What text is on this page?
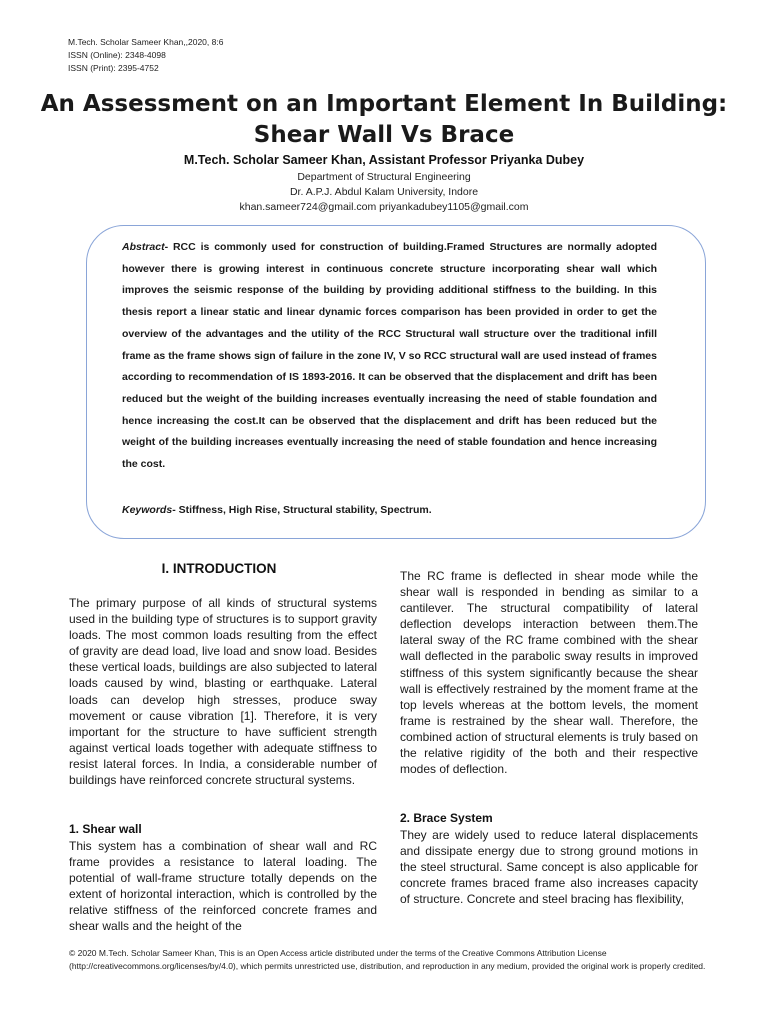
M.Tech. Scholar Sameer Khan,,2020, 8:6
ISSN (Online): 2348-4098
ISSN (Print): 2395-4752
An Assessment on an Important Element In Building: Shear Wall Vs Brace
M.Tech. Scholar Sameer Khan, Assistant Professor Priyanka Dubey
Department of Structural Engineering
Dr. A.P.J. Abdul Kalam University, Indore
khan.sameer724@gmail.com priyankadubey1105@gmail.com
Abstract- RCC is commonly used for construction of building.Framed Structures are normally adopted however there is growing interest in continuous concrete structure incorporating shear wall which improves the seismic response of the building by providing additional stiffness to the building. In this thesis report a linear static and linear dynamic forces comparison has been provided in order to get the overview of the advantages and the utility of the RCC Structural wall structure over the traditional infill frame as the frame shows sign of failure in the zone IV, V so RCC structural wall are used instead of frames according to recommendation of IS 1893-2016. It can be observed that the displacement and drift has been reduced but the weight of the building increases eventually increasing the need of stable foundation and hence increasing the cost.It can be observed that the displacement and drift has been reduced but the weight of the building increases eventually increasing the need of stable foundation and hence increasing the cost.
Keywords- Stiffness, High Rise, Structural stability, Spectrum.
I. INTRODUCTION
The primary purpose of all kinds of structural systems used in the building type of structures is to support gravity loads. The most common loads resulting from the effect of gravity are dead load, live load and snow load. Besides these vertical loads, buildings are also subjected to lateral loads caused by wind, blasting or earthquake. Lateral loads can develop high stresses, produce sway movement or cause vibration [1]. Therefore, it is very important for the structure to have sufficient strength against vertical loads together with adequate stiffness to resist lateral forces. In India, a considerable number of buildings have reinforced concrete structural systems.
1. Shear wall
This system has a combination of shear wall and RC frame provides a resistance to lateral loading. The potential of wall-frame structure totally depends on the extent of horizontal interaction, which is controlled by the relative stiffness of the reinforced concrete frames and shear walls and the height of the
The RC frame is deflected in shear mode while the shear wall is responded in bending as similar to a cantilever. The structural compatibility of lateral deflection develops interaction between them.The lateral sway of the RC frame combined with the shear wall deflected in the parabolic sway results in improved stiffness of this system significantly because the shear wall is effectively restrained by the moment frame at the top levels whereas at the bottom levels, the moment frame is restrained by the shear wall. Therefore, the combined action of structural elements is truly based on the relative rigidity of the both and their respective modes of deflection.
2. Brace System
They are widely used to reduce lateral displacements and dissipate energy due to strong ground motions in the steel structural. Same concept is also applicable for concrete frames braced frame also increases capacity of structure. Concrete and steel bracing has flexibility,
© 2020 M.Tech. Scholar Sameer Khan, This is an Open Access article distributed under the terms of the Creative Commons Attribution License (http://creativecommons.org/licenses/by/4.0), which permits unrestricted use, distribution, and reproduction in any medium, provided the original work is properly credited.
